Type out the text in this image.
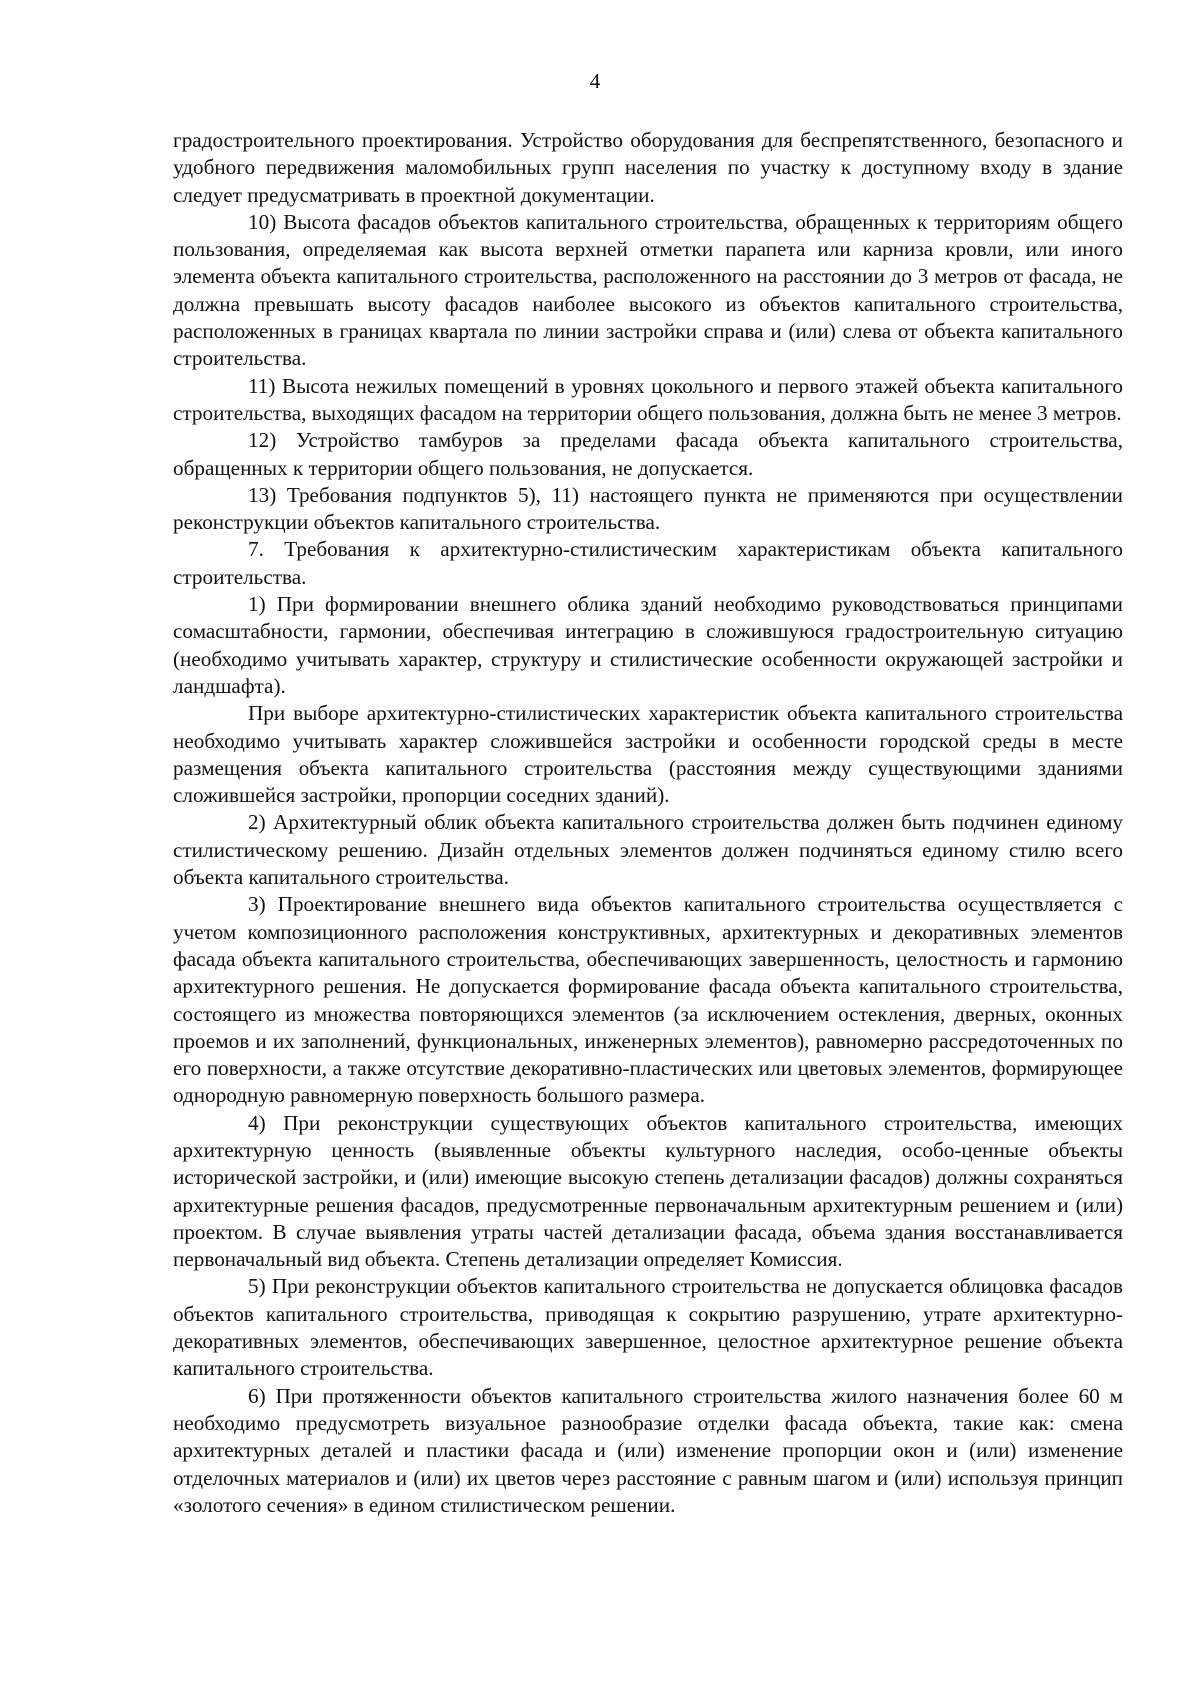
4

градостроительного проектирования. Устройство оборудования для беспрепятственного, безопасного и удобного передвижения маломобильных групп населения по участку к доступному входу в здание следует предусматривать в проектной документации.

10) Высота фасадов объектов капитального строительства, обращенных к территориям общего пользования, определяемая как высота верхней отметки парапета или карниза кровли, или иного элемента объекта капитального строительства, расположенного на расстоянии до 3 метров от фасада, не должна превышать высоту фасадов наиболее высокого из объектов капитального строительства, расположенных в границах квартала по линии застройки справа и (или) слева от объекта капитального строительства.

11) Высота нежилых помещений в уровнях цокольного и первого этажей объекта капитального строительства, выходящих фасадом на территории общего пользования, должна быть не менее 3 метров.

12) Устройство тамбуров за пределами фасада объекта капитального строительства, обращенных к территории общего пользования, не допускается.

13) Требования подпунктов 5), 11) настоящего пункта не применяются при осуществлении реконструкции объектов капитального строительства.

7. Требования к архитектурно-стилистическим характеристикам объекта капитального строительства.

1) При формировании внешнего облика зданий необходимо руководствоваться принципами сомасштабности, гармонии, обеспечивая интеграцию в сложившуюся градостроительную ситуацию (необходимо учитывать характер, структуру и стилистические особенности окружающей застройки и ландшафта).

При выборе архитектурно-стилистических характеристик объекта капитального строительства необходимо учитывать характер сложившейся застройки и особенности городской среды в месте размещения объекта капитального строительства (расстояния между существующими зданиями сложившейся застройки, пропорции соседних зданий).

2) Архитектурный облик объекта капитального строительства должен быть подчинен единому стилистическому решению. Дизайн отдельных элементов должен подчиняться единому стилю всего объекта капитального строительства.

3) Проектирование внешнего вида объектов капитального строительства осуществляется с учетом композиционного расположения конструктивных, архитектурных и декоративных элементов фасада объекта капитального строительства, обеспечивающих завершенность, целостность и гармонию архитектурного решения. Не допускается формирование фасада объекта капитального строительства, состоящего из множества повторяющихся элементов (за исключением остекления, дверных, оконных проемов и их заполнений, функциональных, инженерных элементов), равномерно рассредоточенных по его поверхности, а также отсутствие декоративно-пластических или цветовых элементов, формирующее однородную равномерную поверхность большого размера.

4) При реконструкции существующих объектов капитального строительства, имеющих архитектурную ценность (выявленные объекты культурного наследия, особо-ценные объекты исторической застройки, и (или) имеющие высокую степень детализации фасадов) должны сохраняться архитектурные решения фасадов, предусмотренные первоначальным архитектурным решением и (или) проектом. В случае выявления утраты частей детализации фасада, объема здания восстанавливается первоначальный вид объекта. Степень детализации определяет Комиссия.

5) При реконструкции объектов капитального строительства не допускается облицовка фасадов объектов капитального строительства, приводящая к сокрытию разрушению, утрате архитектурно-декоративных элементов, обеспечивающих завершенное, целостное архитектурное решение объекта капитального строительства.

6) При протяженности объектов капитального строительства жилого назначения более 60 м необходимо предусмотреть визуальное разнообразие отделки фасада объекта, такие как: смена архитектурных деталей и пластики фасада и (или) изменение пропорции окон и (или) изменение отделочных материалов и (или) их цветов через расстояние с равным шагом и (или) используя принцип «золотого сечения» в едином стилистическом решении.
